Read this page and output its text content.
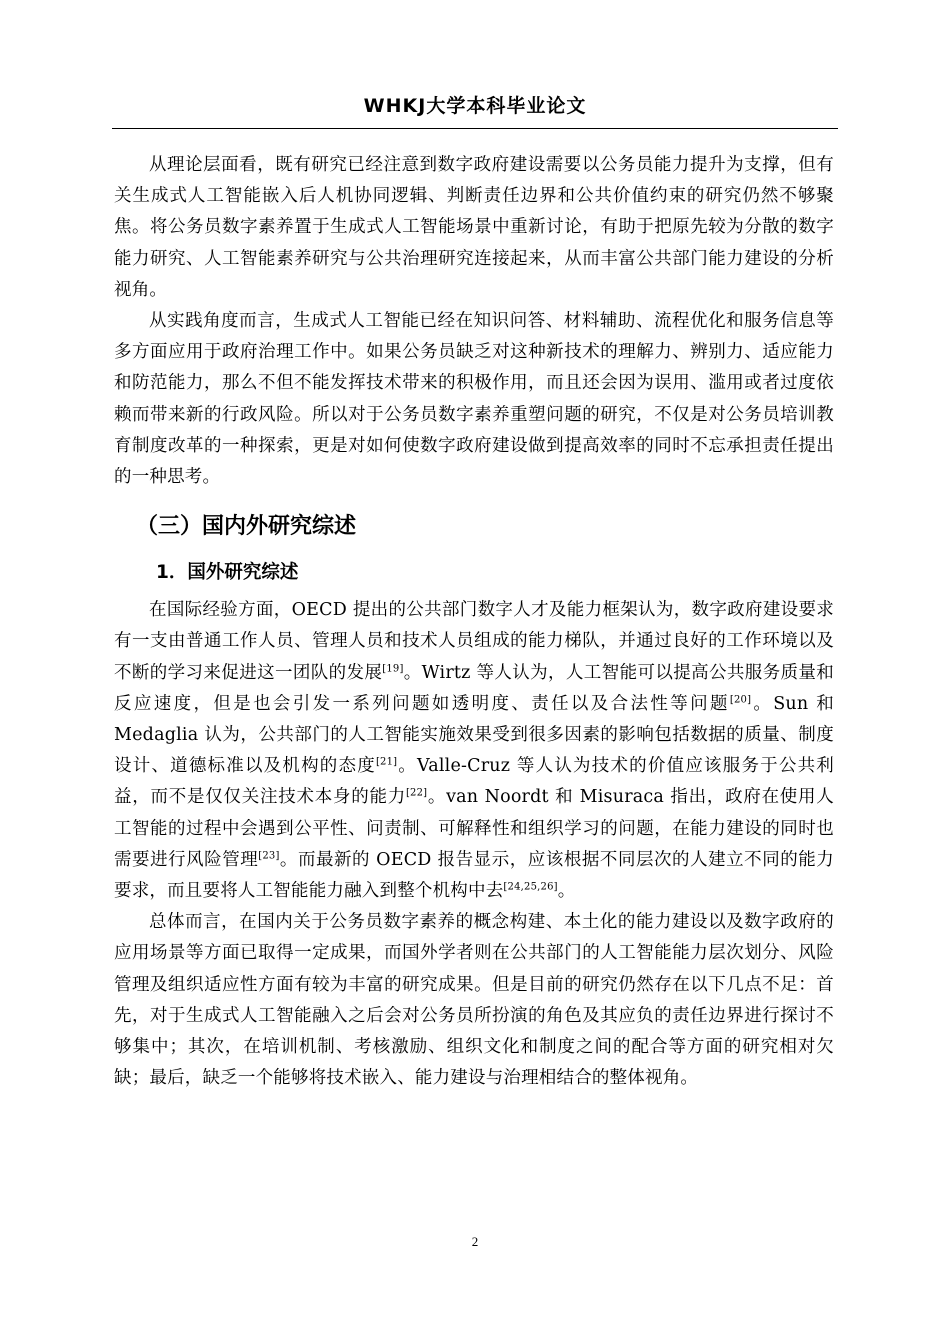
WHKJ大学本科毕业论文

从理论层面看，既有研究已经注意到数字政府建设需要以公务员能力提升为支撑，但有关生成式人工智能嵌入后人机协同逻辑、判断责任边界和公共价值约束的研究仍然不够聚焦。将公务员数字素养置于生成式人工智能场景中重新讨论，有助于把原先较为分散的数字能力研究、人工智能素养研究与公共治理研究连接起来，从而丰富公共部门能力建设的分析视角。

从实践角度而言，生成式人工智能已经在知识问答、材料辅助、流程优化和服务信息等多方面应用于政府治理工作中。如果公务员缺乏对这种新技术的理解力、辨别力、适应能力和防范能力，那么不但不能发挥技术带来的积极作用，而且还会因为误用、滥用或者过度依赖而带来新的行政风险。所以对于公务员数字素养重塑问题的研究，不仅是对公务员培训教育制度改革的一种探索，更是对如何使数字政府建设做到提高效率的同时不忘承担责任提出的一种思考。

（三）国内外研究综述
1．国外研究综述

在国际经验方面，OECD 提出的公共部门数字人才及能力框架认为，数字政府建设要求有一支由普通工作人员、管理人员和技术人员组成的能力梯队，并通过良好的工作环境以及不断的学习来促进这一团队的发展[19]。Wirtz 等人认为，人工智能可以提高公共服务质量和反应速度，但是也会引发一系列问题如透明度、责任以及合法性等问题[20]。Sun 和 Medaglia 认为，公共部门的人工智能实施效果受到很多因素的影响包括数据的质量、制度设计、道德标准以及机构的态度[21]。Valle-Cruz 等人认为技术的价值应该服务于公共利益，而不是仅仅关注技术本身的能力[22]。van Noordt 和 Misuraca 指出，政府在使用人工智能的过程中会遇到公平性、问责制、可解释性和组织学习的问题，在能力建设的同时也需要进行风险管理[23]。而最新的 OECD 报告显示，应该根据不同层次的人建立不同的能力要求，而且要将人工智能能力融入到整个机构中去[24,25,26]。

总体而言，在国内关于公务员数字素养的概念构建、本土化的能力建设以及数字政府的应用场景等方面已取得一定成果，而国外学者则在公共部门的人工智能能力层次划分、风险管理及组织适应性方面有较为丰富的研究成果。但是目前的研究仍然存在以下几点不足：首先，对于生成式人工智能融入之后会对公务员所扮演的角色及其应负的责任边界进行探讨不够集中；其次，在培训机制、考核激励、组织文化和制度之间的配合等方面的研究相对欠缺；最后，缺乏一个能够将技术嵌入、能力建设与治理相结合的整体视角。

2
